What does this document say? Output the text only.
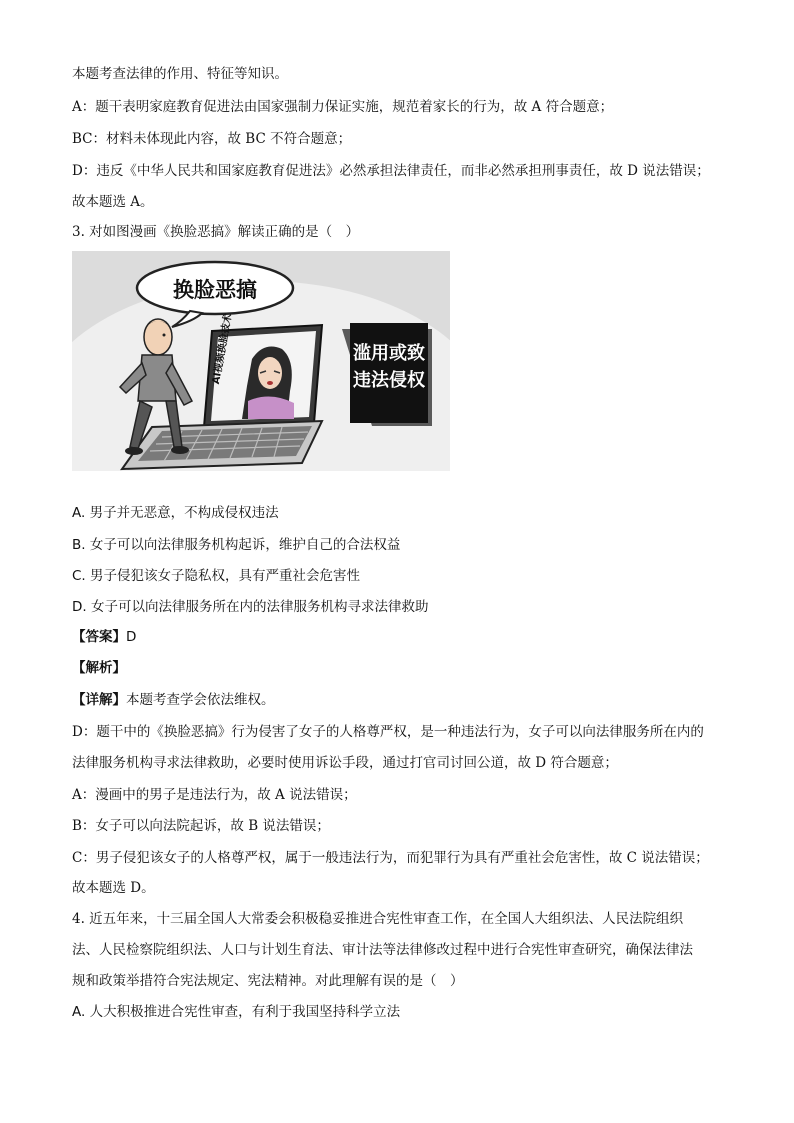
本题考查法律的作用、特征等知识。
A：题干表明家庭教育促进法由国家强制力保证实施，规范着家长的行为，故 A 符合题意；
BC：材料未体现此内容，故 BC 不符合题意；
D：违反《中华人民共和国家庭教育促进法》必然承担法律责任，而非必然承担刑事责任，故 D 说法错误；
故本题选 A。
3. 对如图漫画《换脸恶搞》解读正确的是（　）
换脸恶搞
滥用或致
违法侵权
AI视频换脸技术
A. 男子并无恶意，不构成侵权违法
B. 女子可以向法律服务机构起诉，维护自己的合法权益
C. 男子侵犯该女子隐私权，具有严重社会危害性
D. 女子可以向法律服务所在内的法律服务机构寻求法律救助
【答案】D
【解析】
【详解】本题考查学会依法维权。
D：题干中的《换脸恶搞》行为侵害了女子的人格尊严权，是一种违法行为，女子可以向法律服务所在内的
法律服务机构寻求法律救助，必要时使用诉讼手段，通过打官司讨回公道，故 D 符合题意；
A：漫画中的男子是违法行为，故 A 说法错误；
B：女子可以向法院起诉，故 B 说法错误；
C：男子侵犯该女子的人格尊严权，属于一般违法行为，而犯罪行为具有严重社会危害性，故 C 说法错误；
故本题选 D。
4. 近五年来，十三届全国人大常委会积极稳妥推进合宪性审查工作，在全国人大组织法、人民法院组织
法、人民检察院组织法、人口与计划生育法、审计法等法律修改过程中进行合宪性审查研究，确保法律法
规和政策举措符合宪法规定、宪法精神。对此理解有误的是（　）
A. 人大积极推进合宪性审查，有利于我国坚持科学立法
